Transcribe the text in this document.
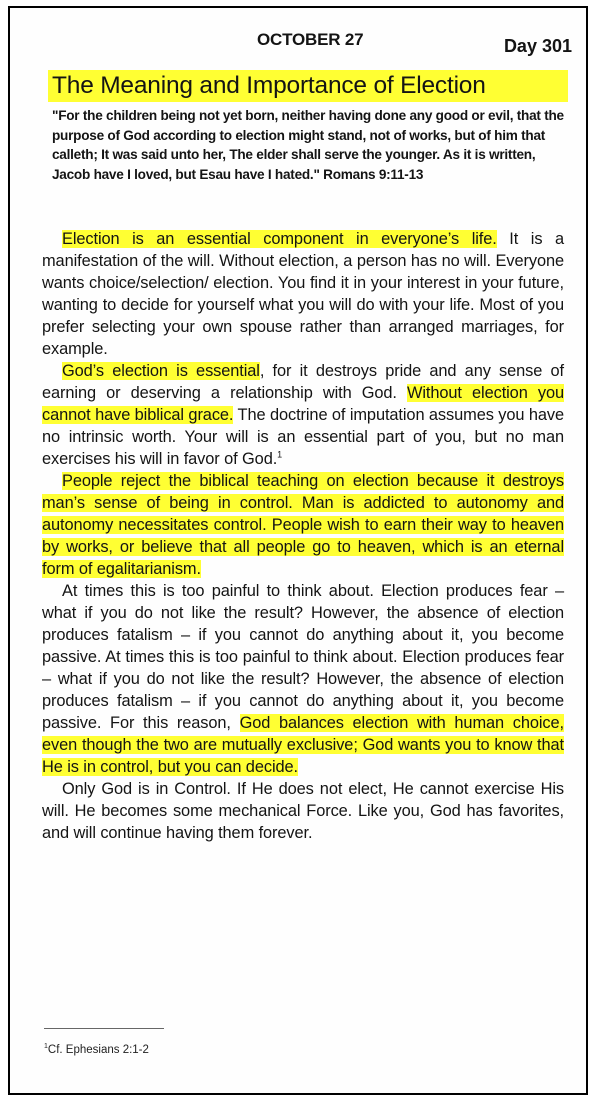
OCTOBER 27	Day 301
The Meaning and Importance of Election

"For the children being not yet born, neither having done any good or evil, that the purpose of God according to election might stand, not of works, but of him that calleth; It was said unto her, The elder shall serve the younger. As it is written, Jacob have I loved, but Esau have I hated." Romans 9:11-13

Election is an essential component in everyone’s life. It is a manifestation of the will. Without election, a person has no will. Everyone wants choice/selection/ election. You find it in your interest in your future, wanting to decide for yourself what you will do with your life. Most of you prefer selecting your own spouse rather than arranged marriages, for example.

God’s election is essential, for it destroys pride and any sense of earning or deserving a relationship with God. Without election you cannot have biblical grace. The doctrine of imputation assumes you have no intrinsic worth. Your will is an essential part of you, but no man exercises his will in favor of God.$^1$

People reject the biblical teaching on election because it destroys man’s sense of being in control. Man is addicted to autonomy and autonomy necessitates control. People wish to earn their way to heaven by works, or believe that all people go to heaven, which is an eternal form of egalitarianism.

At times this is too painful to think about. Election produces fear – what if you do not like the result? However, the absence of election produces fatalism – if you cannot do anything about it, you become passive. At times this is too painful to think about. Election produces fear – what if you do not like the result? However, the absence of election produces fatalism – if you cannot do anything about it, you become passive. For this reason, God balances election with human choice, even though the two are mutually exclusive; God wants you to know that He is in control, but you can decide.

Only God is in Control. If He does not elect, He cannot exercise His will. He becomes some mechanical Force. Like you, God has favorites, and will continue having them forever.

$^1$Cf. Ephesians 2:1-2
